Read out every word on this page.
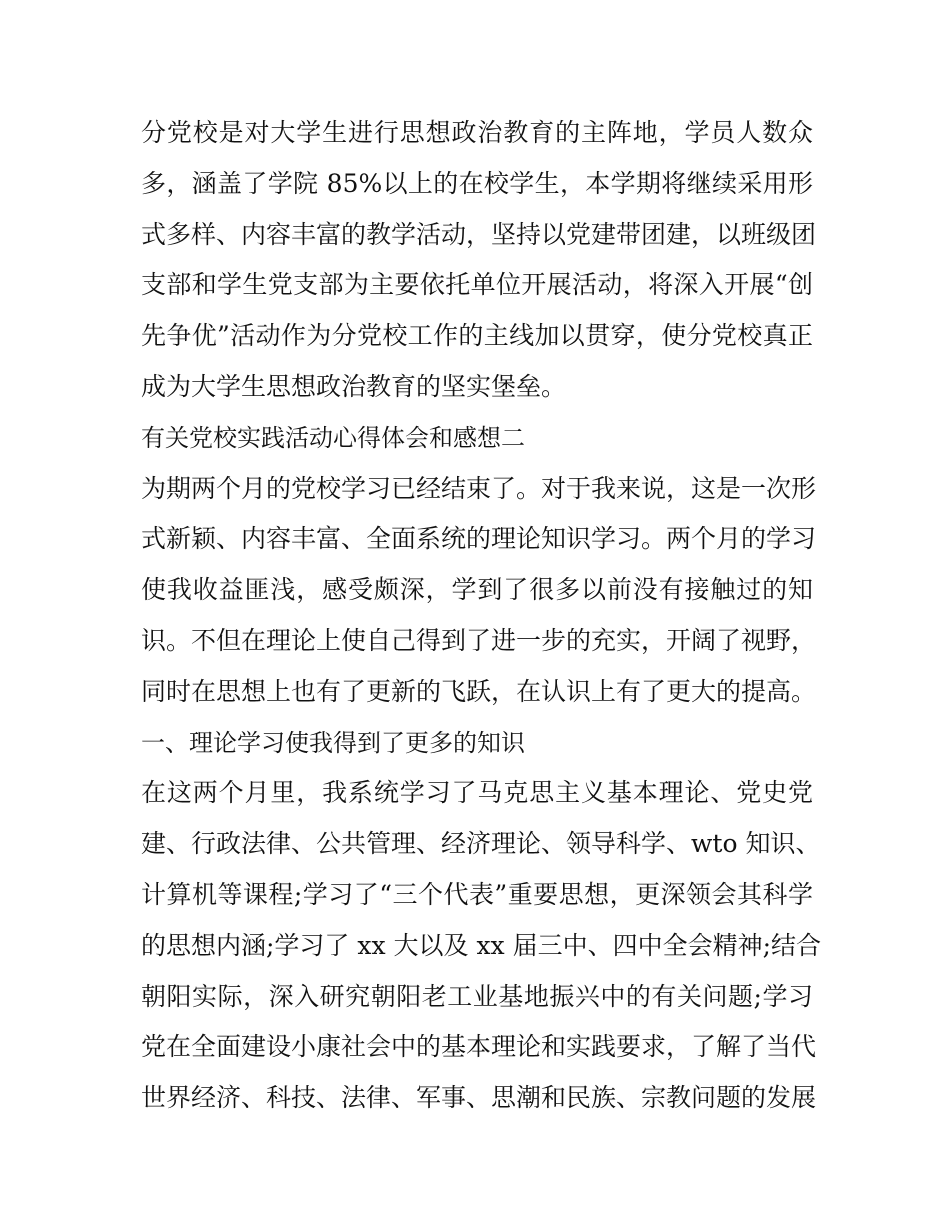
分党校是对大学生进行思想政治教育的主阵地，学员人数众
多，涵盖了学院 85%以上的在校学生，本学期将继续采用形
式多样、内容丰富的教学活动，坚持以党建带团建，以班级团
支部和学生党支部为主要依托单位开展活动，将深入开展“创
先争优”活动作为分党校工作的主线加以贯穿，使分党校真正
成为大学生思想政治教育的坚实堡垒。
有关党校实践活动心得体会和感想二
为期两个月的党校学习已经结束了。对于我来说，这是一次形
式新颖、内容丰富、全面系统的理论知识学习。两个月的学习
使我收益匪浅，感受颇深，学到了很多以前没有接触过的知
识。不但在理论上使自己得到了进一步的充实，开阔了视野，
同时在思想上也有了更新的飞跃，在认识上有了更大的提高。
一、理论学习使我得到了更多的知识
在这两个月里，我系统学习了马克思主义基本理论、党史党
建、行政法律、公共管理、经济理论、领导科学、wto 知识、
计算机等课程;学习了“三个代表”重要思想，更深领会其科学
的思想内涵;学习了 xx 大以及 xx 届三中、四中全会精神;结合
朝阳实际，深入研究朝阳老工业基地振兴中的有关问题;学习
党在全面建设小康社会中的基本理论和实践要求，了解了当代
世界经济、科技、法律、军事、思潮和民族、宗教问题的发展
